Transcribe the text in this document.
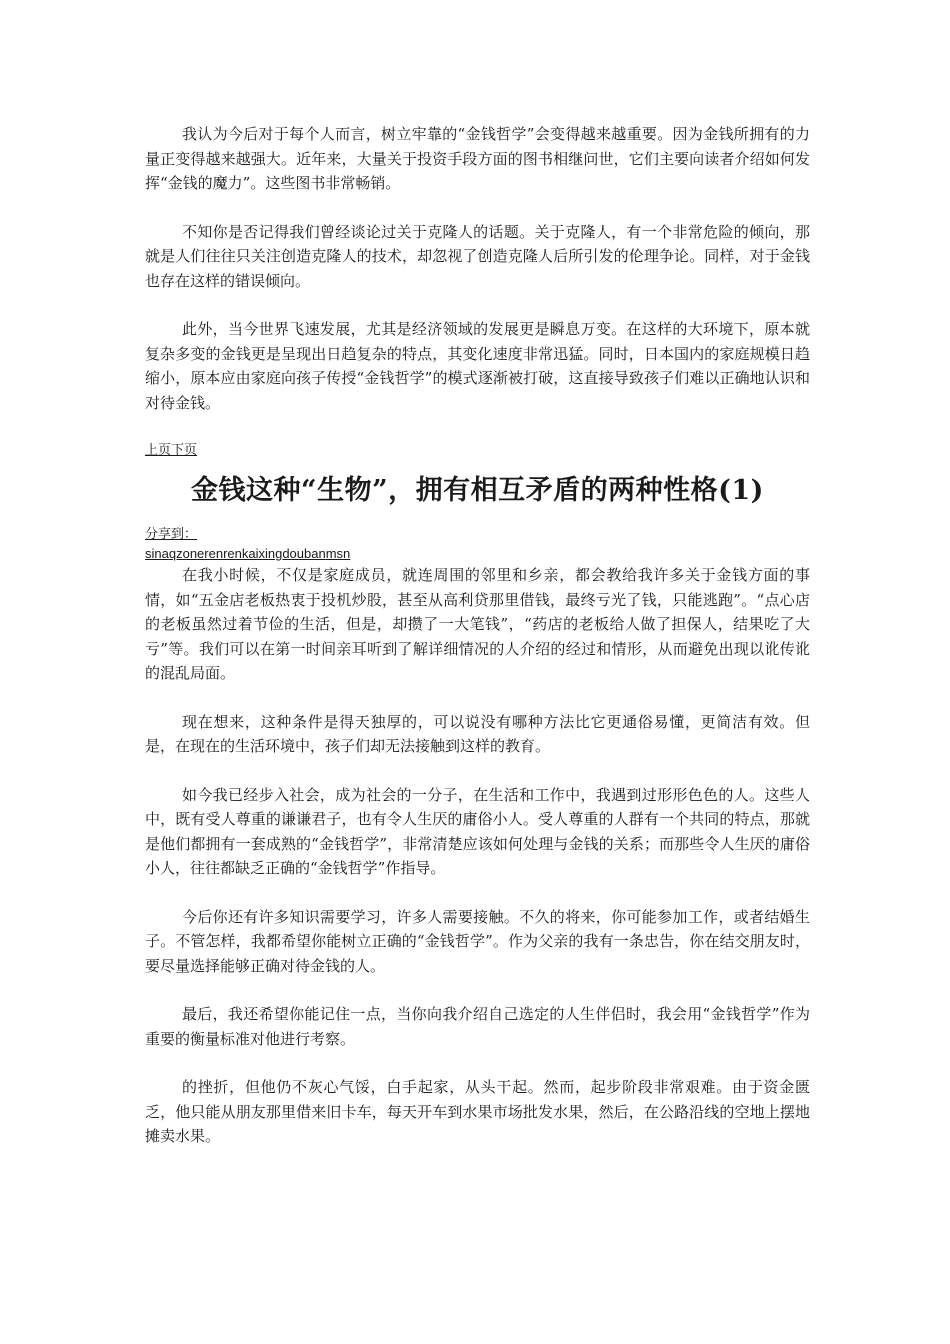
我认为今后对于每个人而言，树立牢靠的“金钱哲学”会变得越来越重要。因为金钱所拥有的力量正变得越来越强大。近年来，大量关于投资手段方面的图书相继问世，它们主要向读者介绍如何发挥“金钱的魔力”。这些图书非常畅销。

不知你是否记得我们曾经谈论过关于克隆人的话题。关于克隆人，有一个非常危险的倾向，那就是人们往往只关注创造克隆人的技术，却忽视了创造克隆人后所引发的伦理争论。同样，对于金钱也存在这样的错误倾向。

此外，当今世界飞速发展，尤其是经济领域的发展更是瞬息万变。在这样的大环境下，原本就复杂多变的金钱更是呈现出日趋复杂的特点，其变化速度非常迅猛。同时，日本国内的家庭规模日趋缩小，原本应由家庭向孩子传授“金钱哲学”的模式逐渐被打破，这直接导致孩子们难以正确地认识和对待金钱。

上页下页
金钱这种“生物”，拥有相互矛盾的两种性格(1)
分享到：
sinaqzonerenrenkaixingdoubanmsn

在我小时候，不仅是家庭成员，就连周围的邻里和乡亲，都会教给我许多关于金钱方面的事情，如“五金店老板热衷于投机炒股，甚至从高利贷那里借钱，最终亏光了钱，只能逃跑”。“点心店的老板虽然过着节俭的生活，但是，却攒了一大笔钱”，“药店的老板给人做了担保人，结果吃了大亏”等。我们可以在第一时间亲耳听到了解详细情况的人介绍的经过和情形，从而避免出现以讹传讹的混乱局面。

现在想来，这种条件是得天独厚的，可以说没有哪种方法比它更通俗易懂，更简洁有效。但是，在现在的生活环境中，孩子们却无法接触到这样的教育。

如今我已经步入社会，成为社会的一分子，在生活和工作中，我遇到过形形色色的人。这些人中，既有受人尊重的谦谦君子，也有令人生厌的庸俗小人。受人尊重的人群有一个共同的特点，那就是他们都拥有一套成熟的“金钱哲学”，非常清楚应该如何处理与金钱的关系；而那些令人生厌的庸俗小人，往往都缺乏正确的“金钱哲学”作指导。

今后你还有许多知识需要学习，许多人需要接触。不久的将来，你可能参加工作，或者结婚生子。不管怎样，我都希望你能树立正确的“金钱哲学”。作为父亲的我有一条忠告，你在结交朋友时，要尽量选择能够正确对待金钱的人。

最后，我还希望你能记住一点，当你向我介绍自己选定的人生伴侣时，我会用“金钱哲学”作为重要的衡量标准对他进行考察。

的挫折，但他仍不灰心气馁，白手起家，从头干起。然而，起步阶段非常艰难。由于资金匮乏，他只能从朋友那里借来旧卡车，每天开车到水果市场批发水果，然后，在公路沿线的空地上摆地摊卖水果。
